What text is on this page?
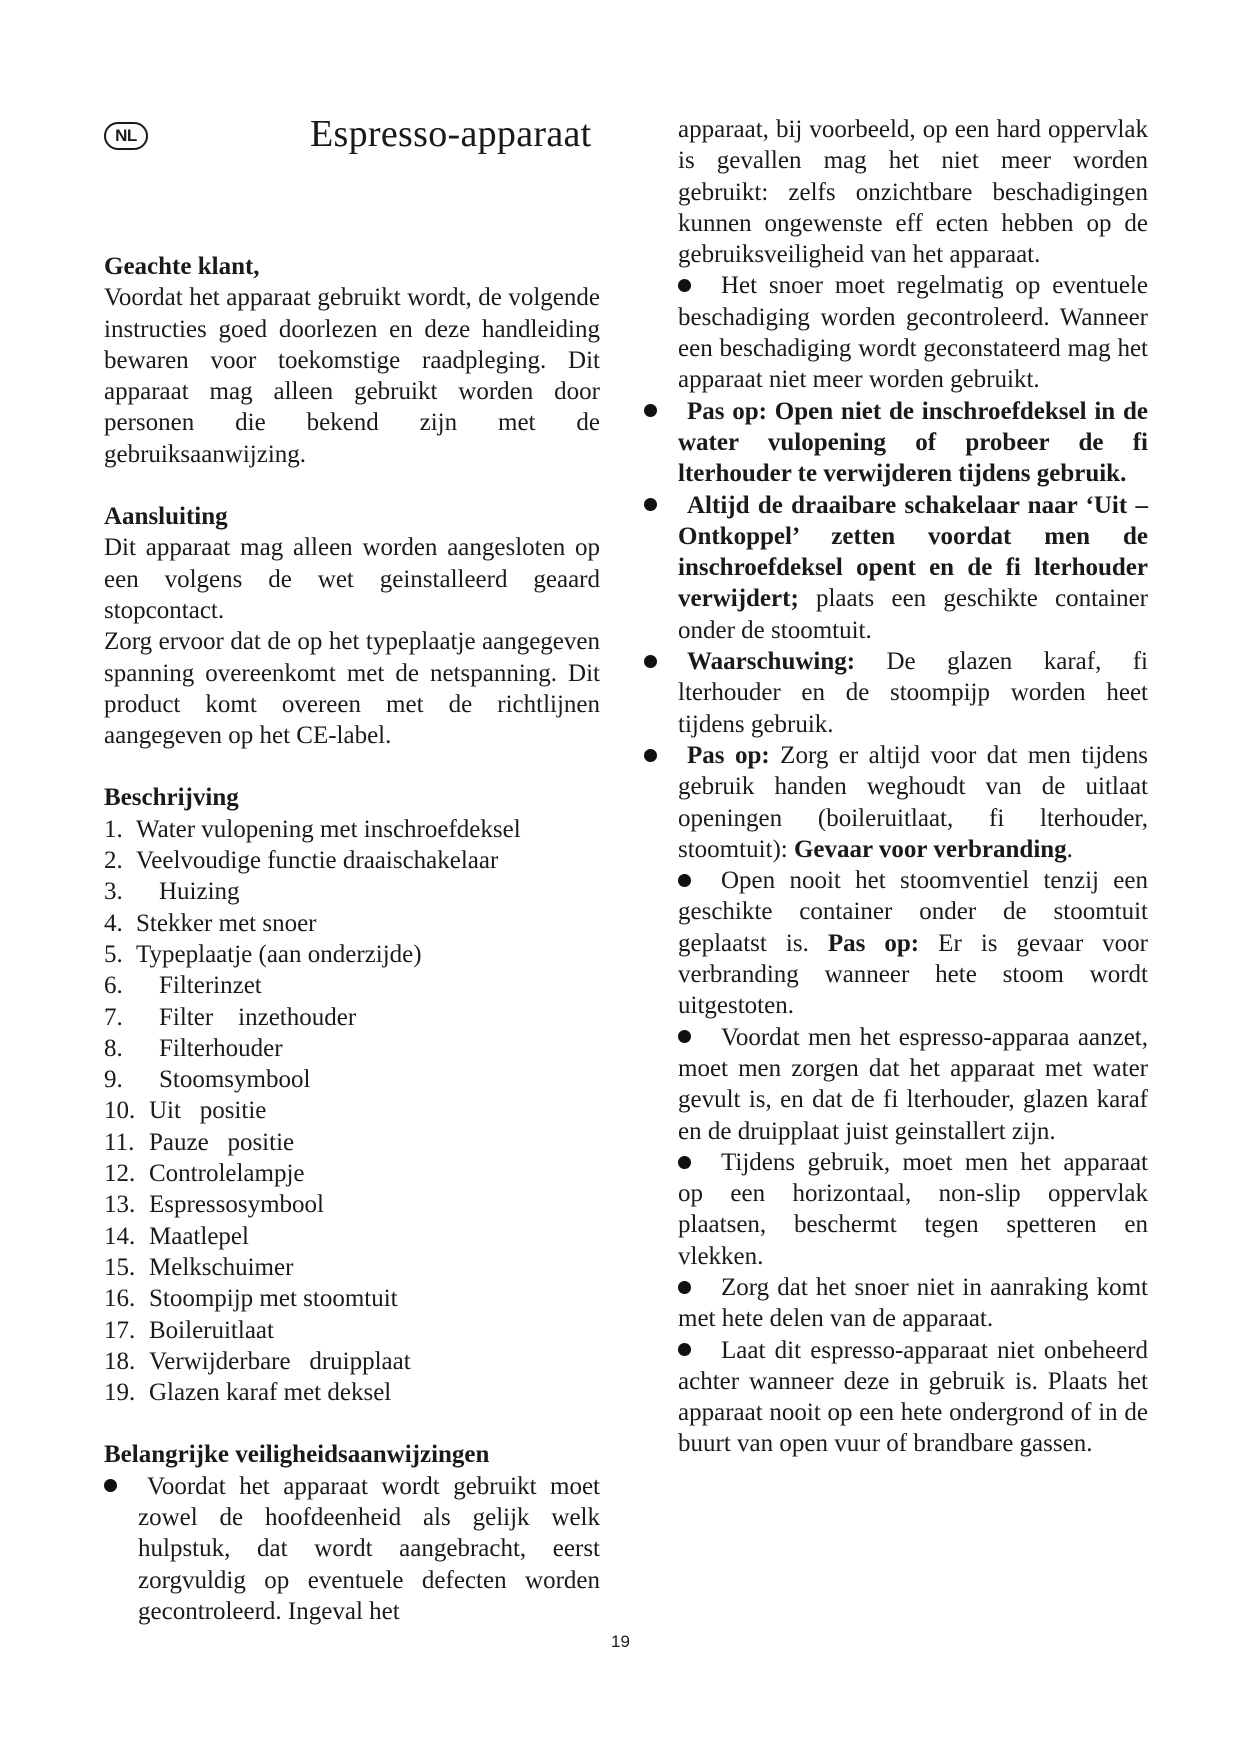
NL	Espresso-apparaat
Geachte klant,

Voordat het apparaat gebruikt wordt, de volgende instructies goed doorlezen en deze handleiding bewaren voor toekomstige raadpleging. Dit apparaat mag alleen gebruikt worden door personen die bekend zijn met de gebruiksaanwijzing.

Aansluiting

Dit apparaat mag alleen worden aangesloten op een volgens de wet geinstalleerd geaard stopcontact.

Zorg ervoor dat de op het typeplaatje aangegeven spanning overeenkomt met de netspanning. Dit product komt overeen met de richtlijnen aangegeven op het CE-label.

Beschrijving
1. Water vulopening met inschroefdeksel
2. Veelvoudige functie draaischakelaar
3.	Huizing
4. Stekker met snoer
5. Typeplaatje (aan onderzijde)
6.	Filterinzet
7.	Filter    inzethouder
8.	Filterhouder
9.	Stoomsymbool
10. Uit   positie
11. Pauze   positie
12. Controlelampje
13. Espressosymbool
14. Maatlepel
15. Melkschuimer
16. Stoompijp met stoomtuit
17. Boileruitlaat
18. Verwijderbare   druipplaat
19. Glazen karaf met deksel
Belangrijke veiligheidsaanwijzingen

Voordat het apparaat wordt gebruikt moet zowel de hoofdeenheid als gelijk welk hulpstuk, dat wordt aangebracht, eerst zorgvuldig op eventuele defecten worden gecontroleerd. Ingeval het

apparaat, bij voorbeeld, op een hard oppervlak is gevallen mag het niet meer worden gebruikt: zelfs onzichtbare beschadigingen kunnen ongewenste eff ecten hebben op de gebruiksveiligheid van het apparaat.

Het snoer moet regelmatig op eventuele beschadiging worden gecontroleerd. Wanneer een beschadiging wordt geconstateerd mag het apparaat niet meer worden gebruikt.

Pas op: Open niet de inschroefdeksel in de water vulopening of probeer de fi lterhouder te verwijderen tijdens gebruik.

Altijd de draaibare schakelaar naar ‘Uit – Ontkoppel’ zetten voordat men de inschroefdeksel opent en de fi lterhouder verwijdert; plaats een geschikte container onder de stoomtuit.

Waarschuwing: De glazen karaf, fi lterhouder en de stoompijp worden heet tijdens gebruik.

Pas op: Zorg er altijd voor dat men tijdens gebruik handen weghoudt van de uitlaat openingen (boileruitlaat, fi lterhouder, stoomtuit): Gevaar voor verbranding.

Open nooit het stoomventiel tenzij een geschikte container onder de stoomtuit geplaatst is. Pas op: Er is gevaar voor verbranding wanneer hete stoom wordt uitgestoten.

Voordat men het espresso-apparaa aanzet, moet men zorgen dat het apparaat met water gevult is, en dat de fi lterhouder, glazen karaf en de druipplaat juist geinstallert zijn.

Tijdens gebruik, moet men het apparaat op een horizontaal, non-slip oppervlak plaatsen, beschermt tegen spetteren en vlekken.

Zorg dat het snoer niet in aanraking komt met hete delen van de apparaat.

Laat dit espresso-apparaat niet onbeheerd achter wanneer deze in gebruik is. Plaats het apparaat nooit op een hete ondergrond of in de buurt van open vuur of brandbare gassen.

19
